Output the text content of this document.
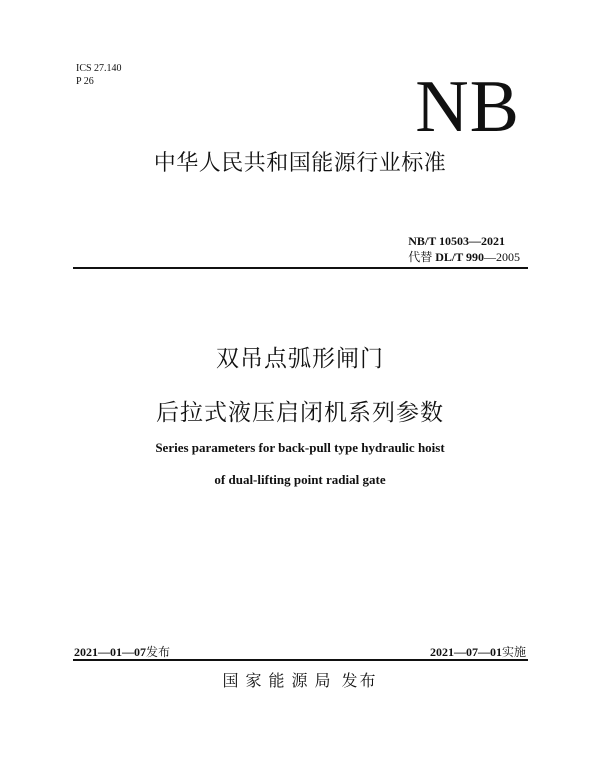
ICS 27.140
P 26	NB
中华人民共和国能源行业标准
NB/T 10503—2021
代替 DL/T 990—2005
双吊点弧形闸门
后拉式液压启闭机系列参数
Series parameters for back-pull type hydraulic hoist
of dual-lifting point radial gate
2021—01—07发布	2021—07—01实施
国家能源局 发布
